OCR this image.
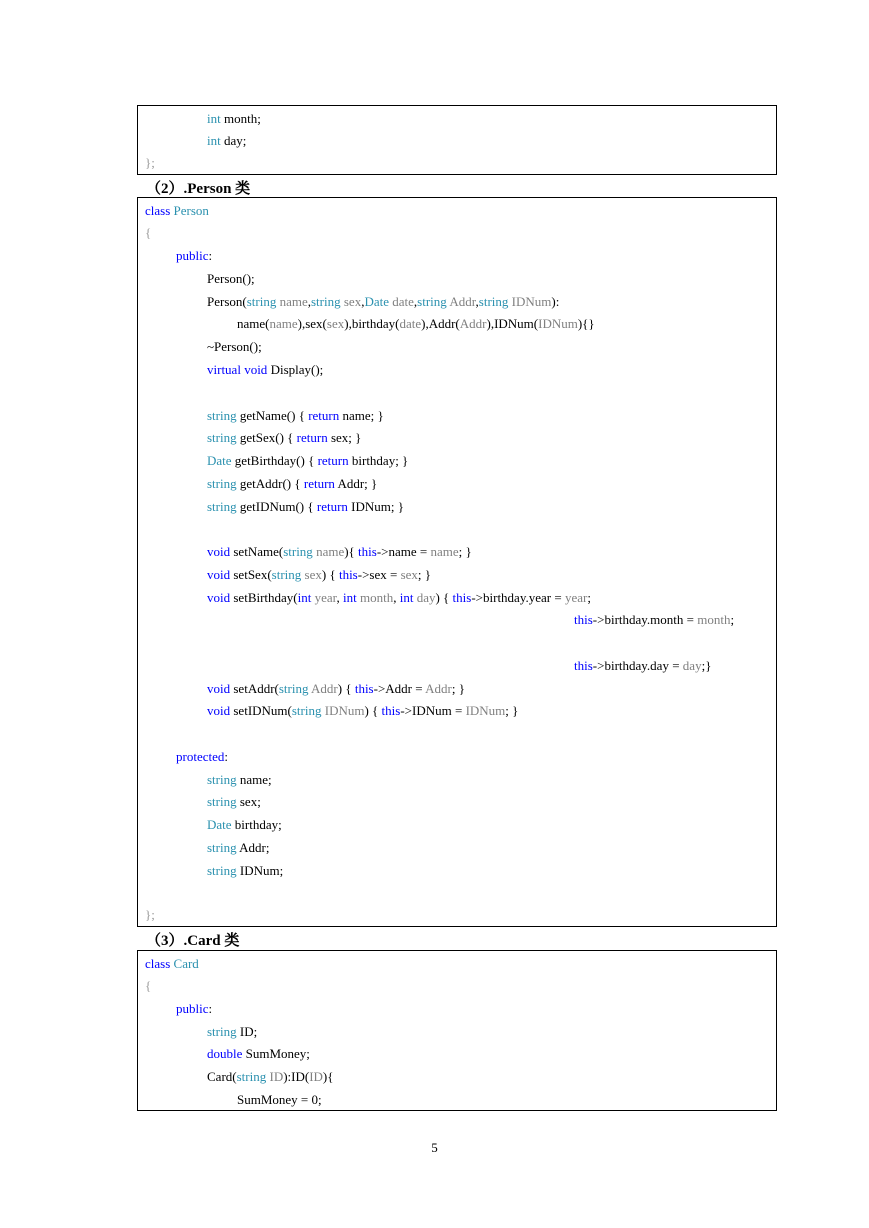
int month;
int day;
};
（2）.Person 类
class Person
{
public:
Person();
Person(string name,string sex,Date date,string Addr,string IDNum):
name(name),sex(sex),birthday(date),Addr(Addr),IDNum(IDNum){}
~Person();
virtual void Display();
string getName() { return name; }
string getSex() { return sex; }
Date getBirthday() { return birthday; }
string getAddr() { return Addr; }
string getIDNum() { return IDNum; }
void setName(string name){ this->name = name; }
void setSex(string sex) { this->sex = sex; }
void setBirthday(int year, int month, int day) { this->birthday.year = year;
this->birthday.month = month;
this->birthday.day = day;}
void setAddr(string Addr) { this->Addr = Addr; }
void setIDNum(string IDNum) { this->IDNum = IDNum; }
protected:
string name;
string sex;
Date birthday;
string Addr;
string IDNum;
};
（3）.Card 类
class Card
{
public:
string ID;
double SumMoney;
Card(string ID):ID(ID){
SumMoney = 0;
5
